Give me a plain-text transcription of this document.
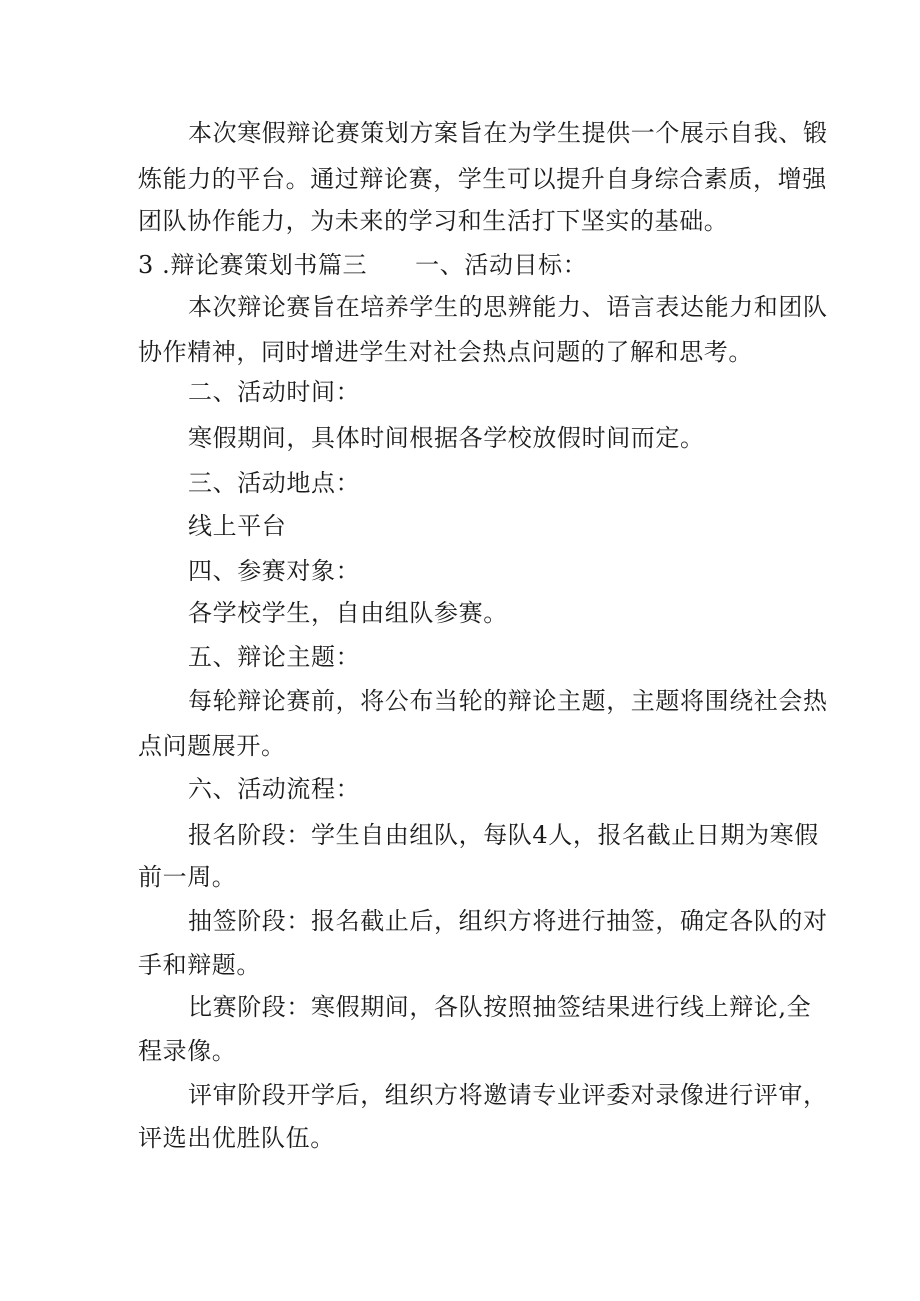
本次寒假辩论赛策划方案旨在为学生提供一个展示自我、锻
炼能力的平台。通过辩论赛，学生可以提升自身综合素质，增强
团队协作能力，为未来的学习和生活打下坚实的基础。
3 .辩论赛策划书篇三 一、活动目标：
本次辩论赛旨在培养学生的思辨能力、语言表达能力和团队
协作精神，同时增进学生对社会热点问题的了解和思考。
二、活动时间：
寒假期间，具体时间根据各学校放假时间而定。
三、活动地点：
线上平台
四、参赛对象：
各学校学生，自由组队参赛。
五、辩论主题：
每轮辩论赛前，将公布当轮的辩论主题，主题将围绕社会热
点问题展开。
六、活动流程：
报名阶段：学生自由组队，每队4人，报名截止日期为寒假
前一周。
抽签阶段：报名截止后，组织方将进行抽签，确定各队的对
手和辩题。
比赛阶段：寒假期间，各队按照抽签结果进行线上辩论,全
程录像。
评审阶段开学后，组织方将邀请专业评委对录像进行评审，
评选出优胜队伍。
